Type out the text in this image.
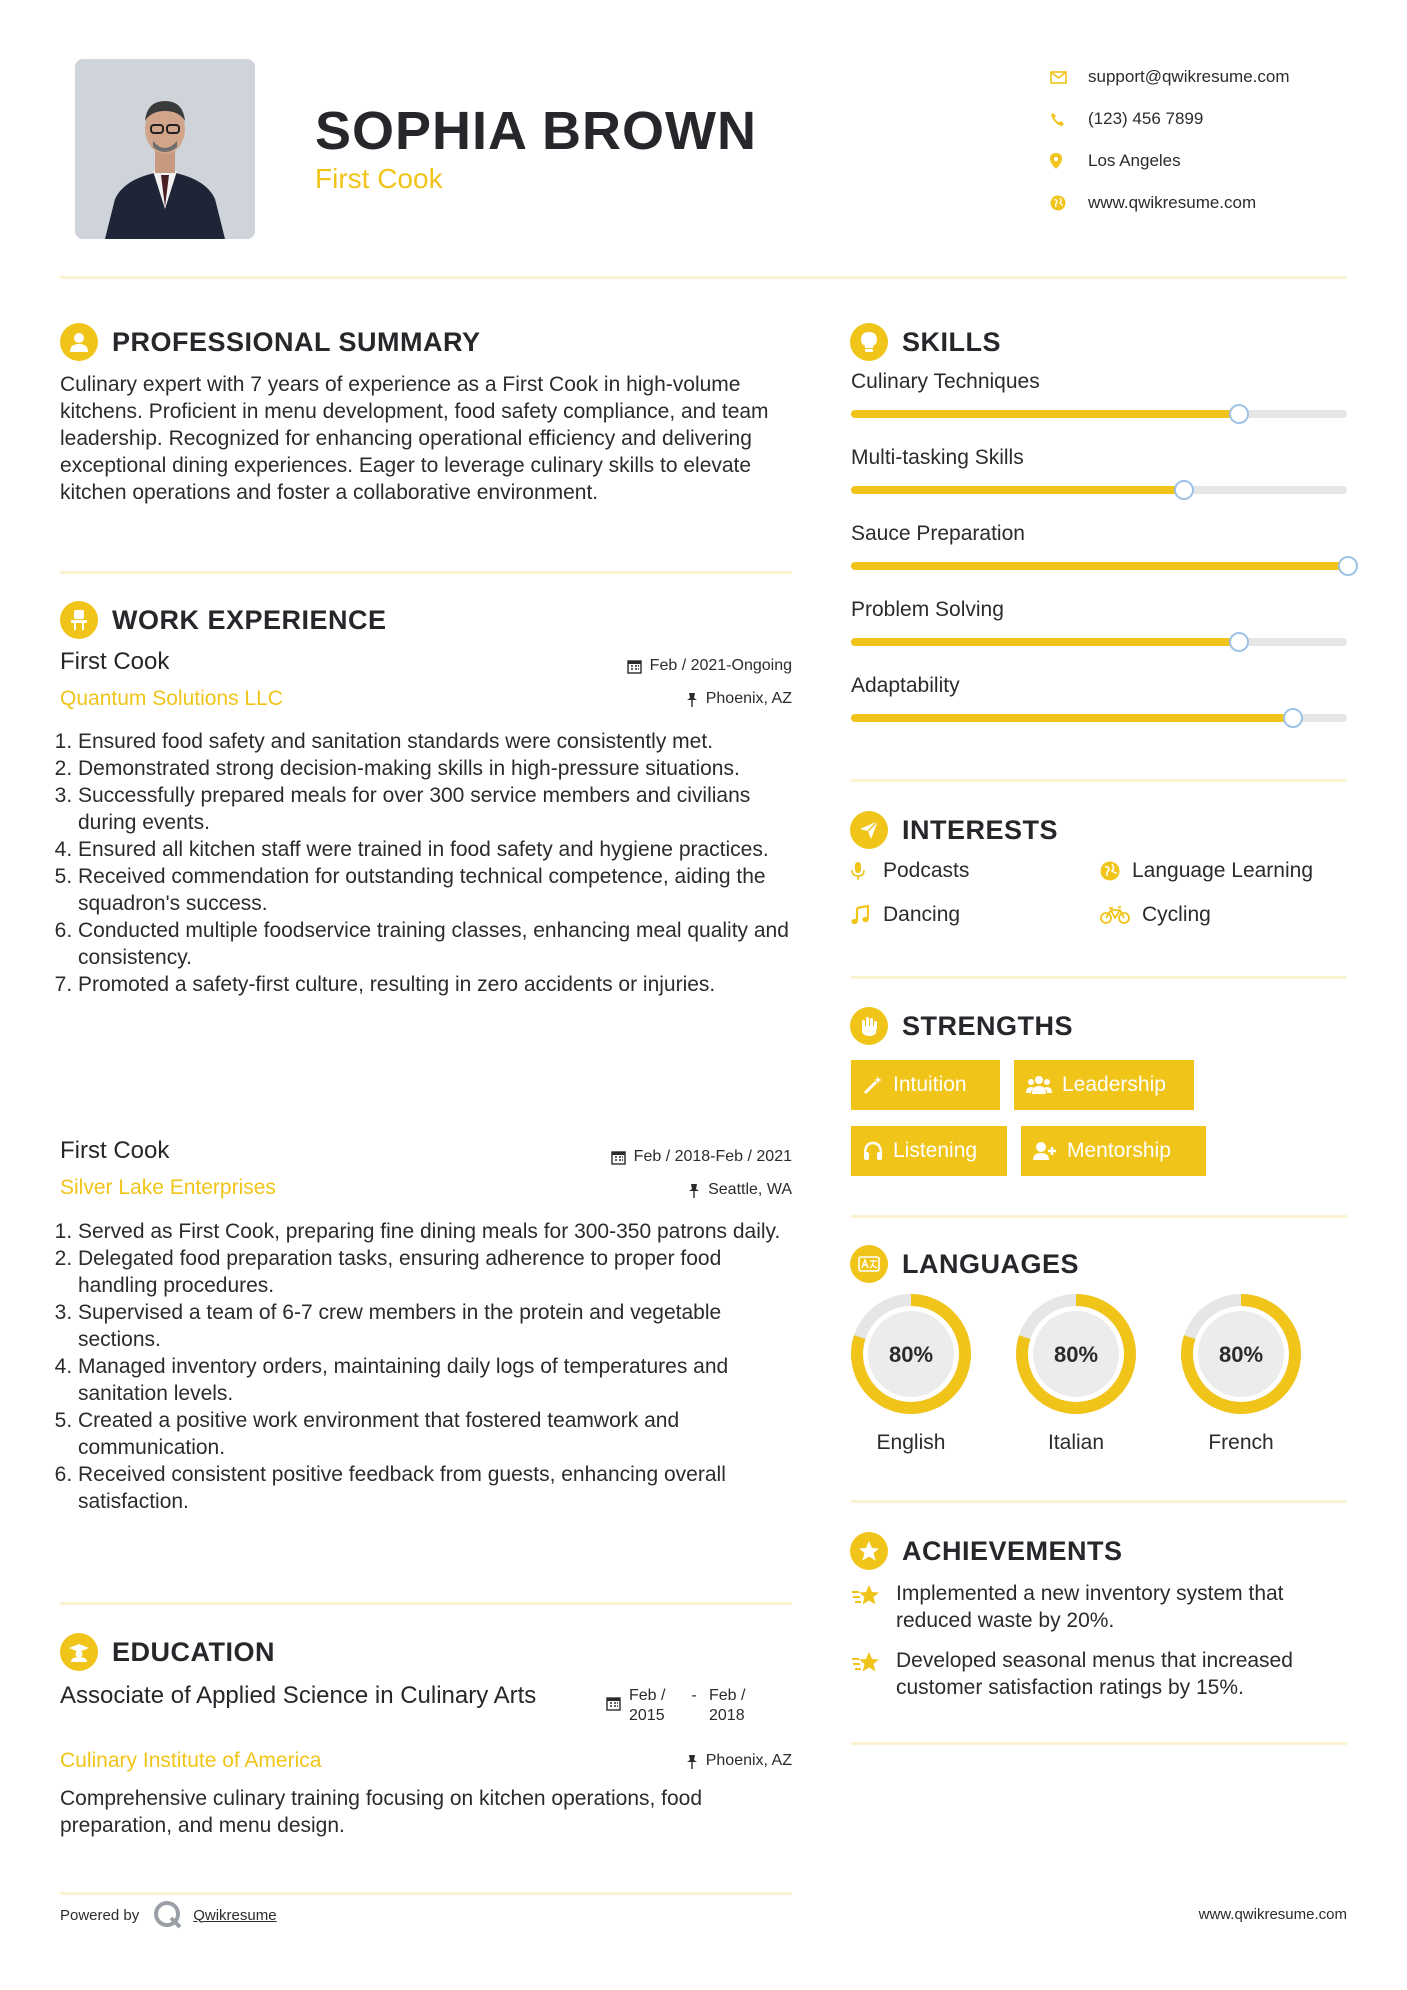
SOPHIA BROWN
First Cook
support@qwikresume.com
(123) 456 7899
Los Angeles
www.qwikresume.com
PROFESSIONAL SUMMARY
Culinary expert with 7 years of experience as a First Cook in high-volume kitchens. Proficient in menu development, food safety compliance, and team leadership. Recognized for enhancing operational efficiency and delivering exceptional dining experiences. Eager to leverage culinary skills to elevate kitchen operations and foster a collaborative environment.
WORK EXPERIENCE
First Cook	Feb / 2021-Ongoing
Quantum Solutions LLC	Phoenix, AZ
1. Ensured food safety and sanitation standards were consistently met.
2. Demonstrated strong decision-making skills in high-pressure situations.
3. Successfully prepared meals for over 300 service members and civilians during events.
4. Ensured all kitchen staff were trained in food safety and hygiene practices.
5. Received commendation for outstanding technical competence, aiding the squadron's success.
6. Conducted multiple foodservice training classes, enhancing meal quality and consistency.
7. Promoted a safety-first culture, resulting in zero accidents or injuries.
First Cook	Feb / 2018-Feb / 2021
Silver Lake Enterprises	Seattle, WA
1. Served as First Cook, preparing fine dining meals for 300-350 patrons daily.
2. Delegated food preparation tasks, ensuring adherence to proper food handling procedures.
3. Supervised a team of 6-7 crew members in the protein and vegetable sections.
4. Managed inventory orders, maintaining daily logs of temperatures and sanitation levels.
5. Created a positive work environment that fostered teamwork and communication.
6. Received consistent positive feedback from guests, enhancing overall satisfaction.
EDUCATION
Associate of Applied Science in Culinary Arts	Feb / 2015
- Feb / 2018
Culinary Institute of America	Phoenix, AZ
Comprehensive culinary training focusing on kitchen operations, food preparation, and menu design.
SKILLS
Culinary Techniques
Multi-tasking Skills
Sauce Preparation
Problem Solving
Adaptability
INTERESTS
Podcasts	Language Learning
Dancing	Cycling
STRENGTHS
Intuition	Leadership
Listening	Mentorship
LANGUAGES
80%
English
80%
Italian
80%
French
ACHIEVEMENTS
Implemented a new inventory system that reduced waste by 20%.
Developed seasonal menus that increased customer satisfaction ratings by 15%.
Powered by	Qwikresume	www.qwikresume.com
